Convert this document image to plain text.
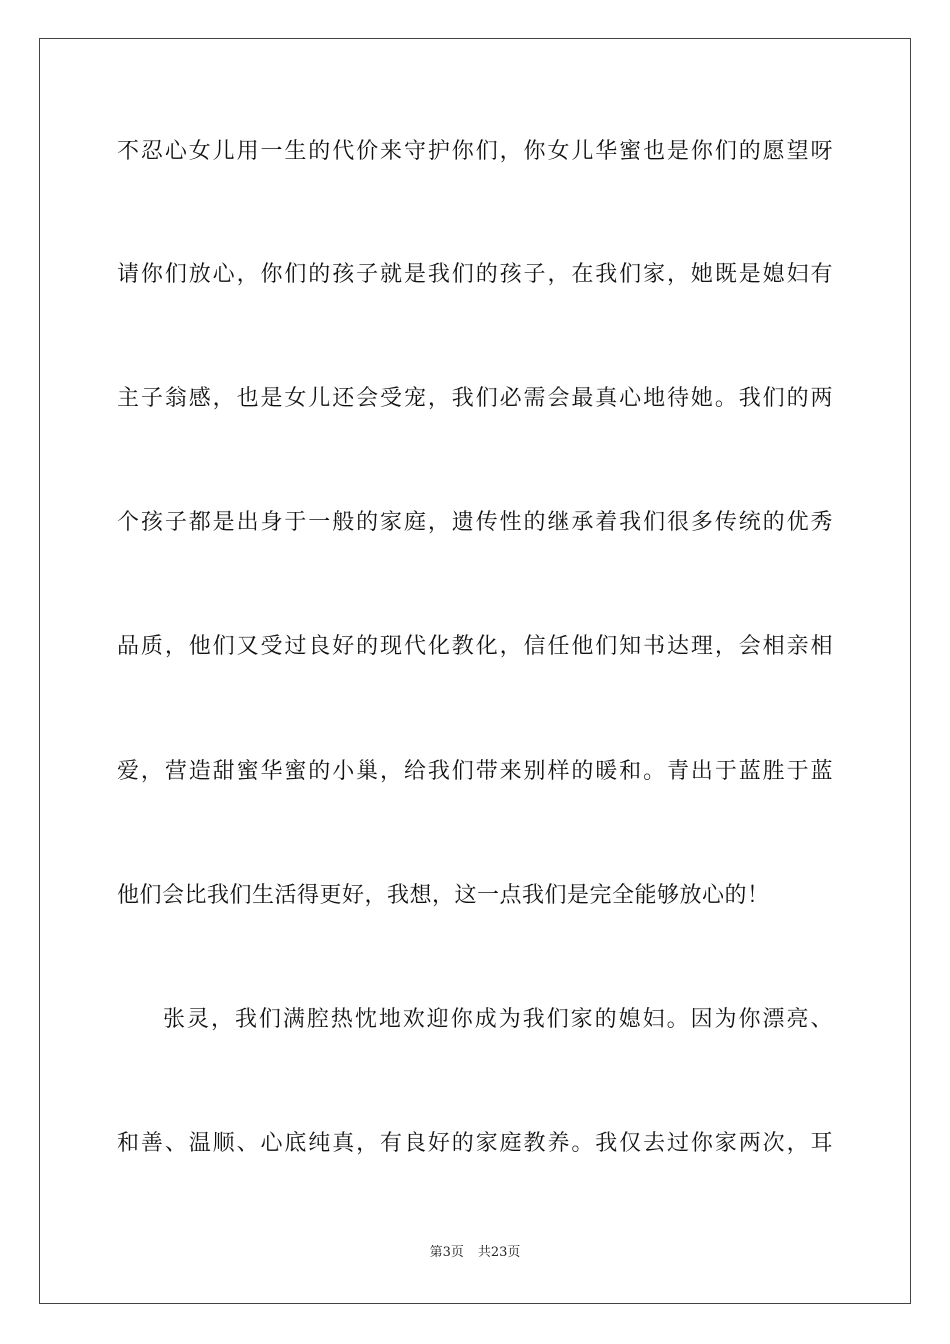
不忍心女儿用一生的代价来守护你们，你女儿华蜜也是你们的愿望呀
请你们放心，你们的孩子就是我们的孩子，在我们家，她既是媳妇有
主子翁感，也是女儿还会受宠，我们必需会最真心地待她。我们的两
个孩子都是出身于一般的家庭，遗传性的继承着我们很多传统的优秀
品质，他们又受过良好的现代化教化，信任他们知书达理，会相亲相
爱，营造甜蜜华蜜的小巢，给我们带来别样的暖和。青出于蓝胜于蓝
他们会比我们生活得更好，我想，这一点我们是完全能够放心的！
张灵，我们满腔热忱地欢迎你成为我们家的媳妇。因为你漂亮、
和善、温顺、心底纯真，有良好的家庭教养。我仅去过你家两次，耳
第3页 共23页
